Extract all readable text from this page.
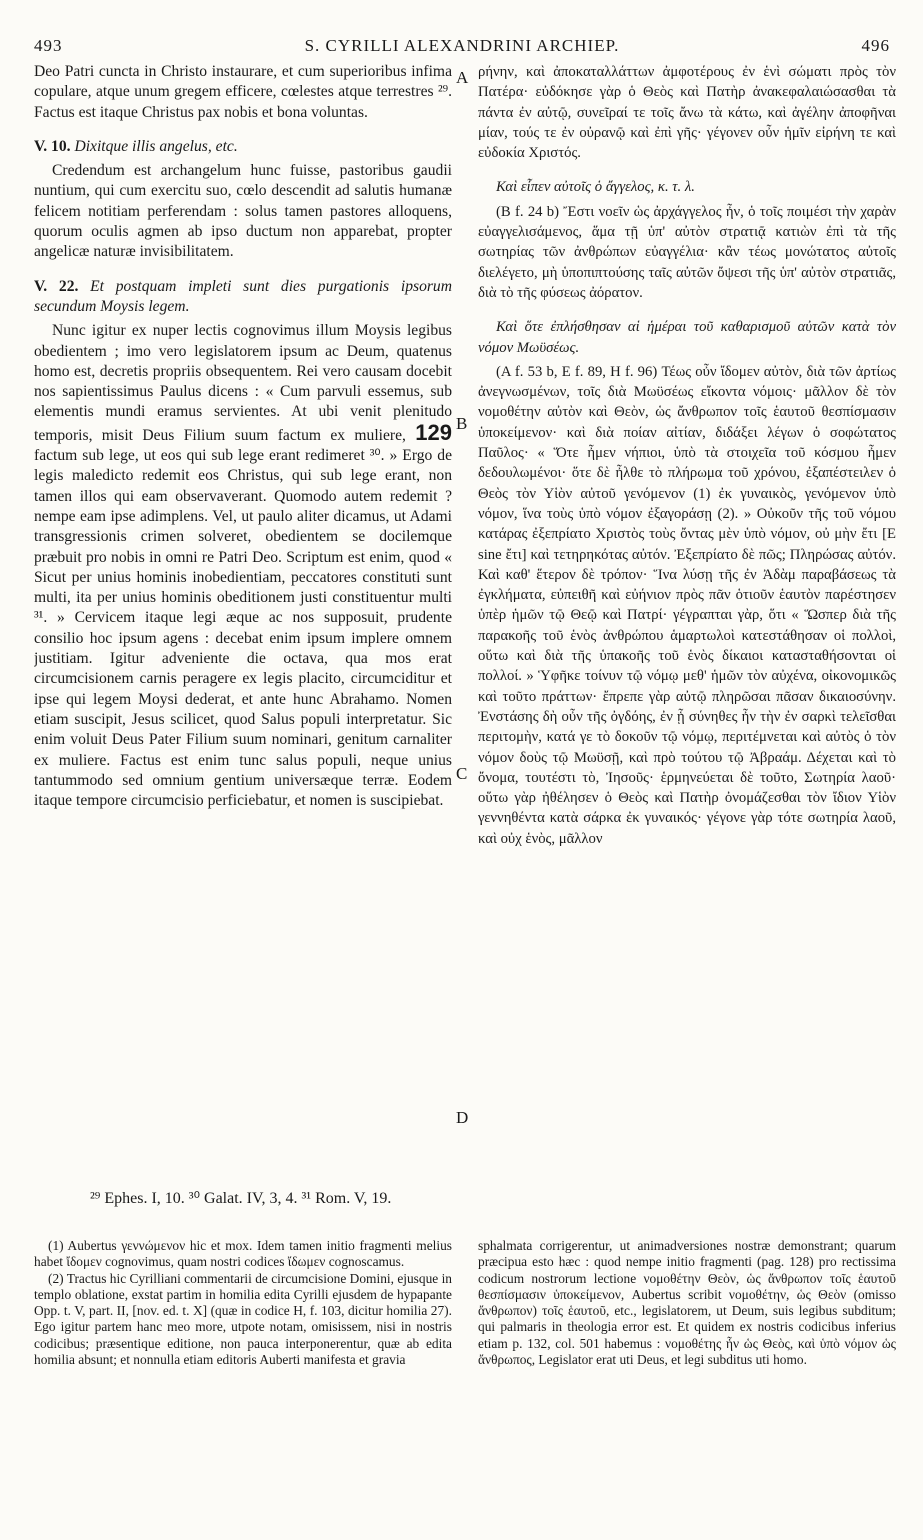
493	S. CYRILLI ALEXANDRINI ARCHIEP.	496

Deo Patri cuncta in Christo instaurare, et cum superioribus infima copulare, atque unum gregem efficere, cœlestes atque terrestres ²⁹. Factus est itaque Christus pax nobis et bona voluntas.

V. 10. Dixitque illis angelus, etc.

Credendum est archangelum hunc fuisse, pastoribus gaudii nuntium, qui cum exercitu suo, cœlo descendit ad salutis humanæ felicem notitiam perferendam : solus tamen pastores alloquens, quorum oculis agmen ab ipso ductum non apparebat, propter angelicæ naturæ invisibilitatem.

V. 22. Et postquam impleti sunt dies purgationis ipsorum secundum Moysis legem.

Nunc igitur ex nuper lectis cognovimus illum Moysis legibus obedientem ; imo vero legislatorem ipsum ac Deum, quatenus homo est, decretis propriis obsequentem. Rei vero causam docebit nos sapientissimus Paulus dicens : « Cum parvuli essemus, sub elementis mundi eramus servientes. At ubi venit plenitudo temporis, misit Deus Filium suum factum ex muliere, 129 factum sub lege, ut eos qui sub lege erant redimeret ³⁰. » Ergo de legis maledicto redemit eos Christus, qui sub lege erant, non tamen illos qui eam observaverant. Quomodo autem redemit ? nempe eam ipse adimplens. Vel, ut paulo aliter dicamus, ut Adami transgressionis crimen solveret, obedientem se docilemque præbuit pro nobis in omni re Patri Deo. Scriptum est enim, quod « Sicut per unius hominis inobedientiam, peccatores constituti sunt multi, ita per unius hominis obeditionem justi constituentur multi ³¹. » Cervicem itaque legi æque ac nos supposuit, prudente consilio hoc ipsum agens : decebat enim ipsum implere omnem justitiam. Igitur adveniente die octava, qua mos erat circumcisionem carnis peragere ex legis placito, circumciditur et ipse qui legem Moysi dederat, et ante hunc Abrahamo. Nomen etiam suscipit, Jesus scilicet, quod Salus populi interpretatur. Sic enim voluit Deus Pater Filium suum nominari, genitum carnaliter ex muliere. Factus est enim tunc salus populi, neque unius tantummodo sed omnium gentium universæque terræ. Eodem itaque tempore circumcisio perficiebatur, et nomen is suscipiebat.

ρήνην, καὶ ἀποκαταλλάττων ἀμφοτέρους ἐν ἑνὶ σώματι πρὸς τὸν Πατέρα· εὐδόκησε γὰρ ὁ Θεὸς καὶ Πατὴρ ἀνακεφαλαιώσασθαι τὰ πάντα ἐν αὐτῷ, συνεῖραί τε τοῖς ἄνω τὰ κάτω, καὶ ἀγέλην ἀποφῆναι μίαν, τούς τε ἐν οὐρανῷ καὶ ἐπὶ γῆς· γέγονεν οὖν ἡμῖν εἰρήνη τε καὶ εὐδοκία Χριστός.

Καὶ εἶπεν αὐτοῖς ὁ ἄγγελος, κ. τ. λ.

(B f. 24 b) Ἔστι νοεῖν ὡς ἀρχάγγελος ἦν, ὁ τοῖς ποιμέσι τὴν χαρὰν εὐαγγελισάμενος, ἅμα τῇ ὑπ' αὐτὸν στρατιᾷ κατιὼν ἐπὶ τὰ τῆς σωτηρίας τῶν ἀνθρώπων εὐαγγέλια· κἂν τέως μονώτατος αὐτοῖς διελέγετο, μὴ ὑποπιπτούσης ταῖς αὐτῶν ὄψεσι τῆς ὑπ' αὐτὸν στρατιᾶς, διὰ τὸ τῆς φύσεως ἀόρατον.

Καὶ ὅτε ἐπλήσθησαν αἱ ἡμέραι τοῦ καθαρισμοῦ αὐτῶν κατὰ τὸν νόμον Μωϋσέως.

(A f. 53 b, E f. 89, H f. 96) Τέως οὖν ἴδομεν αὐτὸν, διὰ τῶν ἀρτίως ἀνεγνωσμένων, τοῖς διὰ Μωϋσέως εἴκοντα νόμοις· μᾶλλον δὲ τὸν νομοθέτην αὐτὸν καὶ Θεὸν, ὡς ἄνθρωπον τοῖς ἑαυτοῦ θεσπίσμασιν ὑποκείμενον· καὶ διὰ ποίαν αἰτίαν, διδάξει λέγων ὁ σοφώτατος Παῦλος· « Ὅτε ἦμεν νήπιοι, ὑπὸ τὰ στοιχεῖα τοῦ κόσμου ἦμεν δεδουλωμένοι· ὅτε δὲ ἦλθε τὸ πλήρωμα τοῦ χρόνου, ἐξαπέστειλεν ὁ Θεὸς τὸν Υἱὸν αὐτοῦ γενόμενον (1) ἐκ γυναικὸς, γενόμενον ὑπὸ νόμον, ἵνα τοὺς ὑπὸ νόμον ἐξαγοράσῃ (2). » Οὐκοῦν τῆς τοῦ νόμου κατάρας ἐξεπρίατο Χριστὸς τοὺς ὄντας μὲν ὑπὸ νόμον, οὐ μὴν ἔτι [E sine ἔτι] καὶ τετηρηκότας αὐτόν. Ἐξεπρίατο δὲ πῶς; Πληρώσας αὐτόν. Καὶ καθ' ἕτερον δὲ τρόπον· Ἵνα λύσῃ τῆς ἐν Ἀδὰμ παραβάσεως τὰ ἐγκλήματα, εὐπειθῆ καὶ εὐήνιον πρὸς πᾶν ὁτιοῦν ἑαυτὸν παρέστησεν ὑπὲρ ἡμῶν τῷ Θεῷ καὶ Πατρί· γέγραπται γὰρ, ὅτι « Ὥσπερ διὰ τῆς παρακοῆς τοῦ ἑνὸς ἀνθρώπου ἁμαρτωλοὶ κατεστάθησαν οἱ πολλοὶ, οὕτω καὶ διὰ τῆς ὑπακοῆς τοῦ ἑνὸς δίκαιοι κατασταθήσονται οἱ πολλοί. » Ὑφῆκε τοίνυν τῷ νόμῳ μεθ' ἡμῶν τὸν αὐχένα, οἰκονομικῶς καὶ τοῦτο πράττων· ἔπρεπε γὰρ αὐτῷ πληρῶσαι πᾶσαν δικαιοσύνην. Ἐνστάσης δὴ οὖν τῆς ὀγδόης, ἐν ᾗ σύνηθες ἦν τὴν ἐν σαρκὶ τελεῖσθαι περιτομὴν, κατά γε τὸ δοκοῦν τῷ νόμῳ, περιτέμνεται καὶ αὐτὸς ὁ τὸν νόμον δοὺς τῷ Μωϋσῇ, καὶ πρὸ τούτου τῷ Ἀβραάμ. Δέχεται καὶ τὸ ὄνομα, τουτέστι τὸ, Ἰησοῦς· ἑρμηνεύεται δὲ τοῦτο, Σωτηρία λαοῦ· οὕτω γὰρ ἠθέλησεν ὁ Θεὸς καὶ Πατὴρ ὀνομάζεσθαι τὸν ἴδιον Υἱὸν γεννηθέντα κατὰ σάρκα ἐκ γυναικός· γέγονε γὰρ τότε σωτηρία λαοῦ, καὶ οὐχ ἑνὸς, μᾶλλον

A
B
C
D
²⁹ Ephes. I, 10. ³⁰ Galat. IV, 3, 4. ³¹ Rom. V, 19.

(1) Aubertus γεννώμενον hic et mox. Idem tamen initio fragmenti melius habet ἴδομεν cognovimus, quam nostri codices ἴδωμεν cognoscamus.

(2) Tractus hic Cyrilliani commentarii de circumcisione Domini, ejusque in templo oblatione, exstat partim in homilia edita Cyrilli ejusdem de hypapante Opp. t. V, part. II, [nov. ed. t. X] (quæ in codice H, f. 103, dicitur homilia 27). Ego igitur partem hanc meo more, utpote notam, omisissem, nisi in nostris codicibus; præsentique editione, non pauca interponerentur, quæ ab edita homilia absunt; et nonnulla etiam editoris Auberti manifesta et gravia

sphalmata corrigerentur, ut animadversiones nostræ demonstrant; quarum præcipua esto hæc : quod nempe initio fragmenti (pag. 128) pro rectissima codicum nostrorum lectione νομοθέτην Θεὸν, ὡς ἄνθρωπον τοῖς ἑαυτοῦ θεσπίσμασιν ὑποκείμενον, Aubertus scribit νομοθέτην, ὡς Θεὸν (omisso ἄνθρωπον) τοῖς ἑαυτοῦ, etc., legislatorem, ut Deum, suis legibus subditum; qui palmaris in theologia error est. Et quidem ex nostris codicibus inferius etiam p. 132, col. 501 habemus : νομοθέτης ἦν ὡς Θεὸς, καὶ ὑπὸ νόμον ὡς ἄνθρωπος, Legislator erat uti Deus, et legi subditus uti homo.
